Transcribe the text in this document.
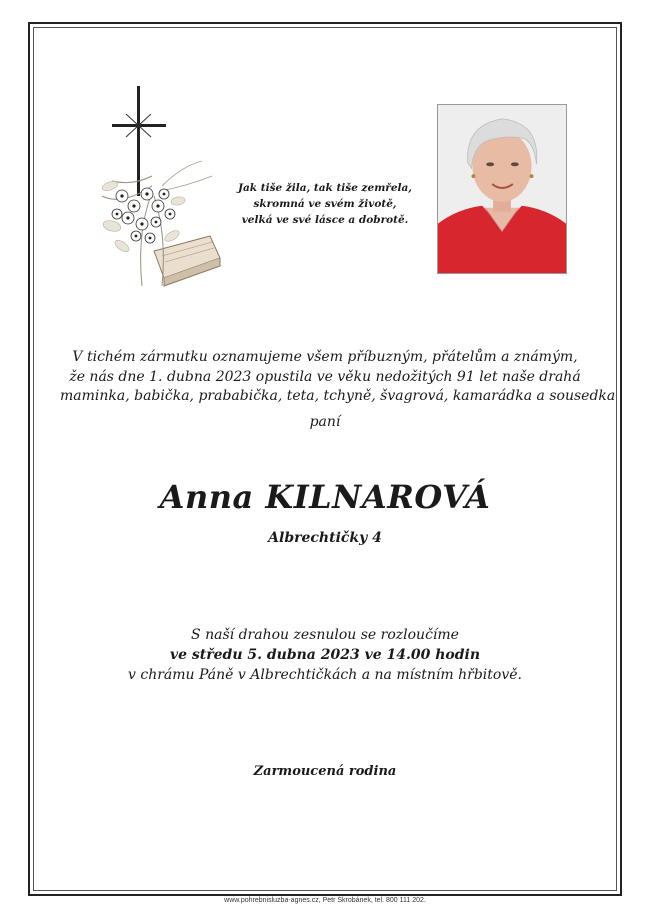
Jak tiše žila, tak tiše zemřela,
skromná ve svém životě,
velká ve své lásce a dobrotě.
V tichém zármutku oznamujeme všem příbuzným, přátelům a známým,
že nás dne 1. dubna 2023 opustila ve věku nedožitých 91 let naše drahá
maminka, babička, prababička, teta, tchyně, švagrová, kamarádka a sousedka
paní
Anna KILNAROVÁ
Albrechtičky 4
S naší drahou zesnulou se rozloučíme
ve středu 5. dubna 2023 ve 14.00 hodin
v chrámu Páně v Albrechtičkách a na místním hřbitově.
Zarmoucená rodina
www.pohrebnisluzba-agnes.cz, Petr Škrobánek, tel. 800 111 202.
